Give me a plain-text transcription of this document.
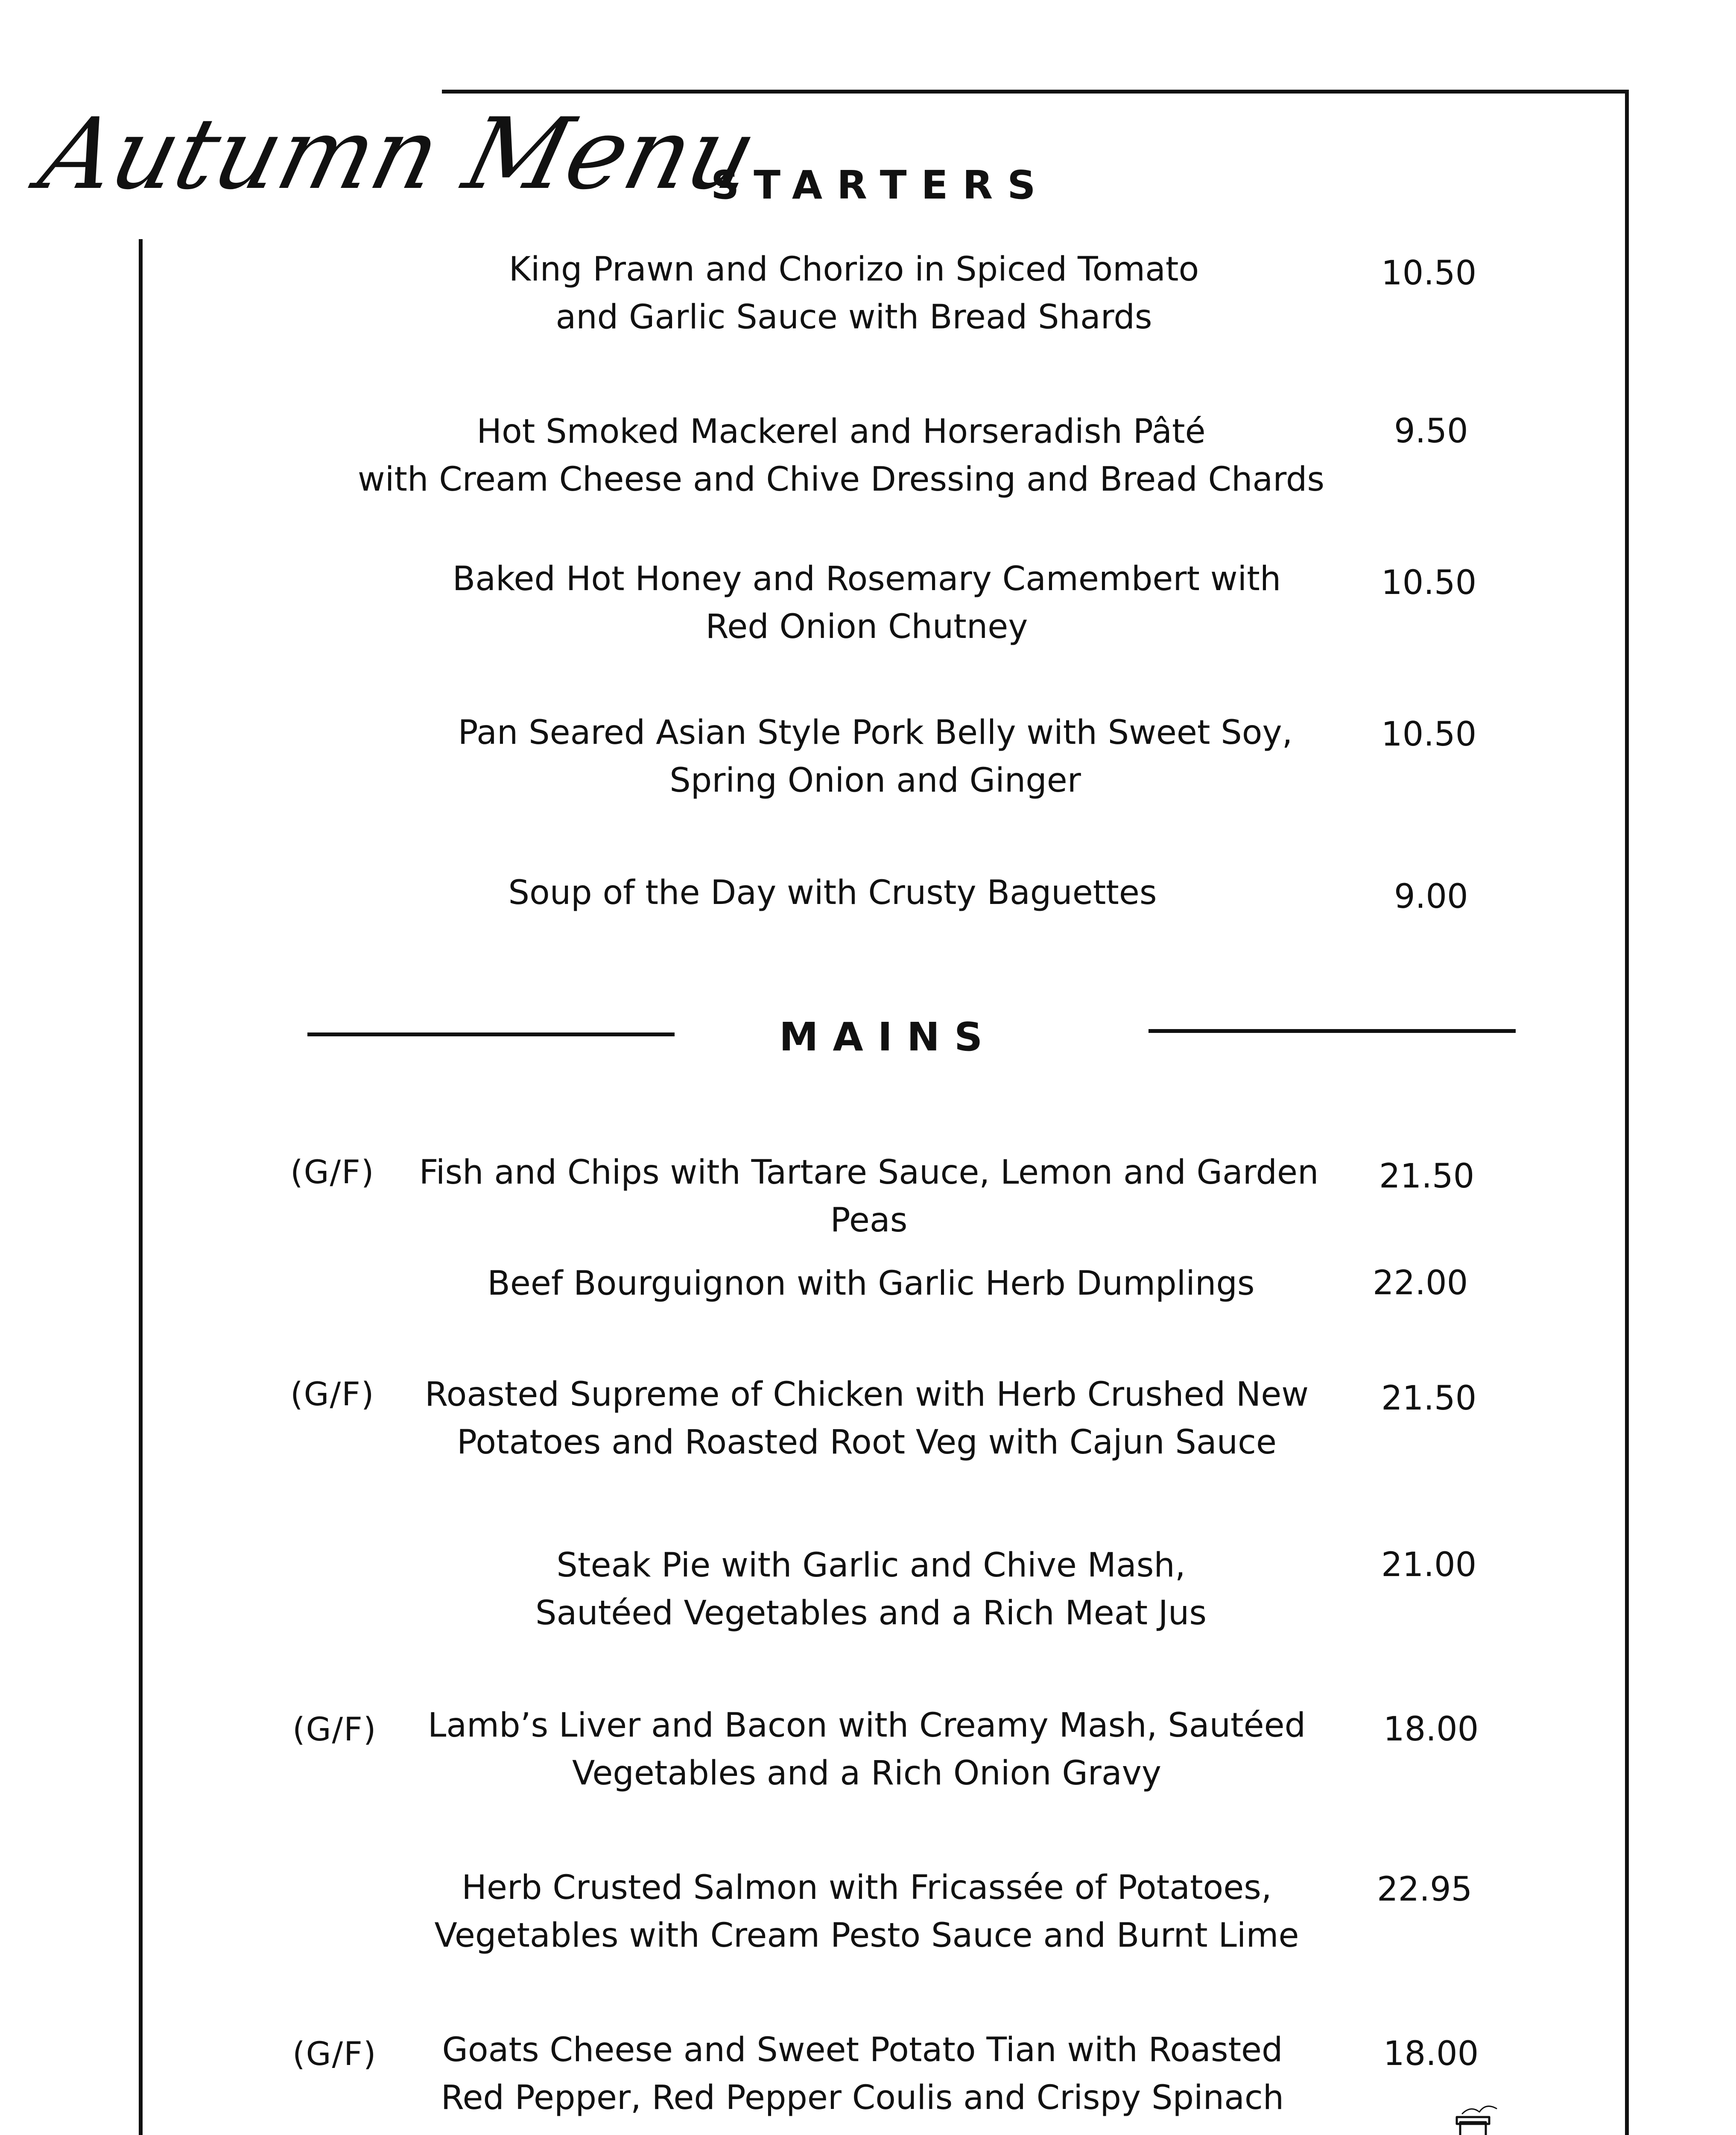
Autumn Menu
STARTERS
King Prawn and Chorizo in Spiced Tomato
and Garlic Sauce with Bread Shards
10.50
Hot Smoked Mackerel and Horseradish Pâté
with Cream Cheese and Chive Dressing and Bread Chards
9.50
Baked Hot Honey and Rosemary Camembert with
Red Onion Chutney
10.50
Pan Seared Asian Style Pork Belly with Sweet Soy,
Spring Onion and Ginger
10.50
Soup of the Day with Crusty Baguettes	9.00
MAINS
(G/F)	Fish and Chips with Tartare Sauce, Lemon and Garden
Peas
21.50
Beef Bourguignon with Garlic Herb Dumplings	22.00
(G/F)	Roasted Supreme of Chicken with Herb Crushed New
Potatoes and Roasted Root Veg with Cajun Sauce
21.50
Steak Pie with Garlic and Chive Mash,
Sautéed Vegetables and a Rich Meat Jus
21.00
(G/F)	Lamb’s Liver and Bacon with Creamy Mash, Sautéed
Vegetables and a Rich Onion Gravy
18.00
Herb Crusted Salmon with Fricassée of Potatoes,
Vegetables with Cream Pesto Sauce and Burnt Lime
22.95
(G/F)	Goats Cheese and Sweet Potato Tian with Roasted
Red Pepper, Red Pepper Coulis and Crispy Spinach
18.00
